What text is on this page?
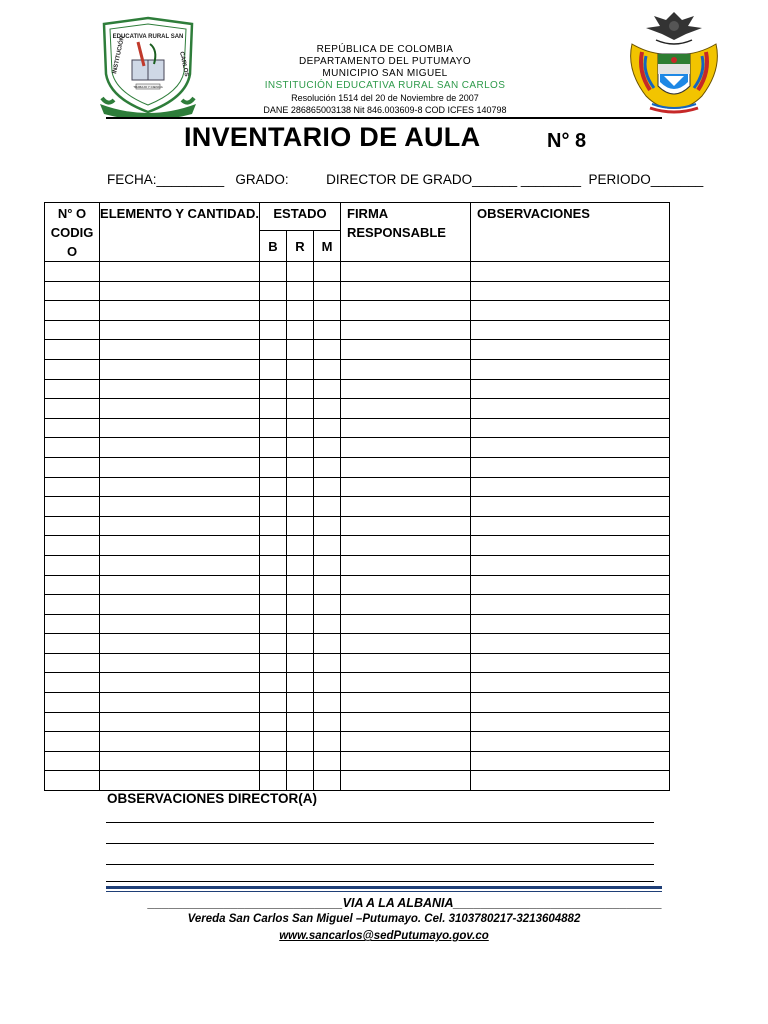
EDUCATIVA RURAL SAN
INSTITUCIÓN	CARLOS
TRABAJO Y CIENCIA
REPÚBLICA DE COLOMBIA
DEPARTAMENTO DEL PUTUMAYO
MUNICIPIO SAN MIGUEL
INSTITUCIÓN EDUCATIVA RURAL SAN CARLOS
Resolución 1514 del 20 de Noviembre de 2007
DANE 286865003138 Nit 846.003609-8 COD ICFES 140798
INVENTARIO DE AULA	N° 8
FECHA:_________   GRADO:          DIRECTOR DE GRADO______ ________  PERIODO_______
N° O CODIG O	ELEMENTO Y CANTIDAD.	ESTADO			FIRMA RESPONSABLE	OBSERVACIONES
		B	R	M		

OBSERVACIONES DIRECTOR(A)
____________________________VIA A LA ALBANIA______________________________
Vereda San Carlos San Miguel –Putumayo. Cel. 3103780217-3213604882
www.sancarlos@sedPutumayo.gov.co
